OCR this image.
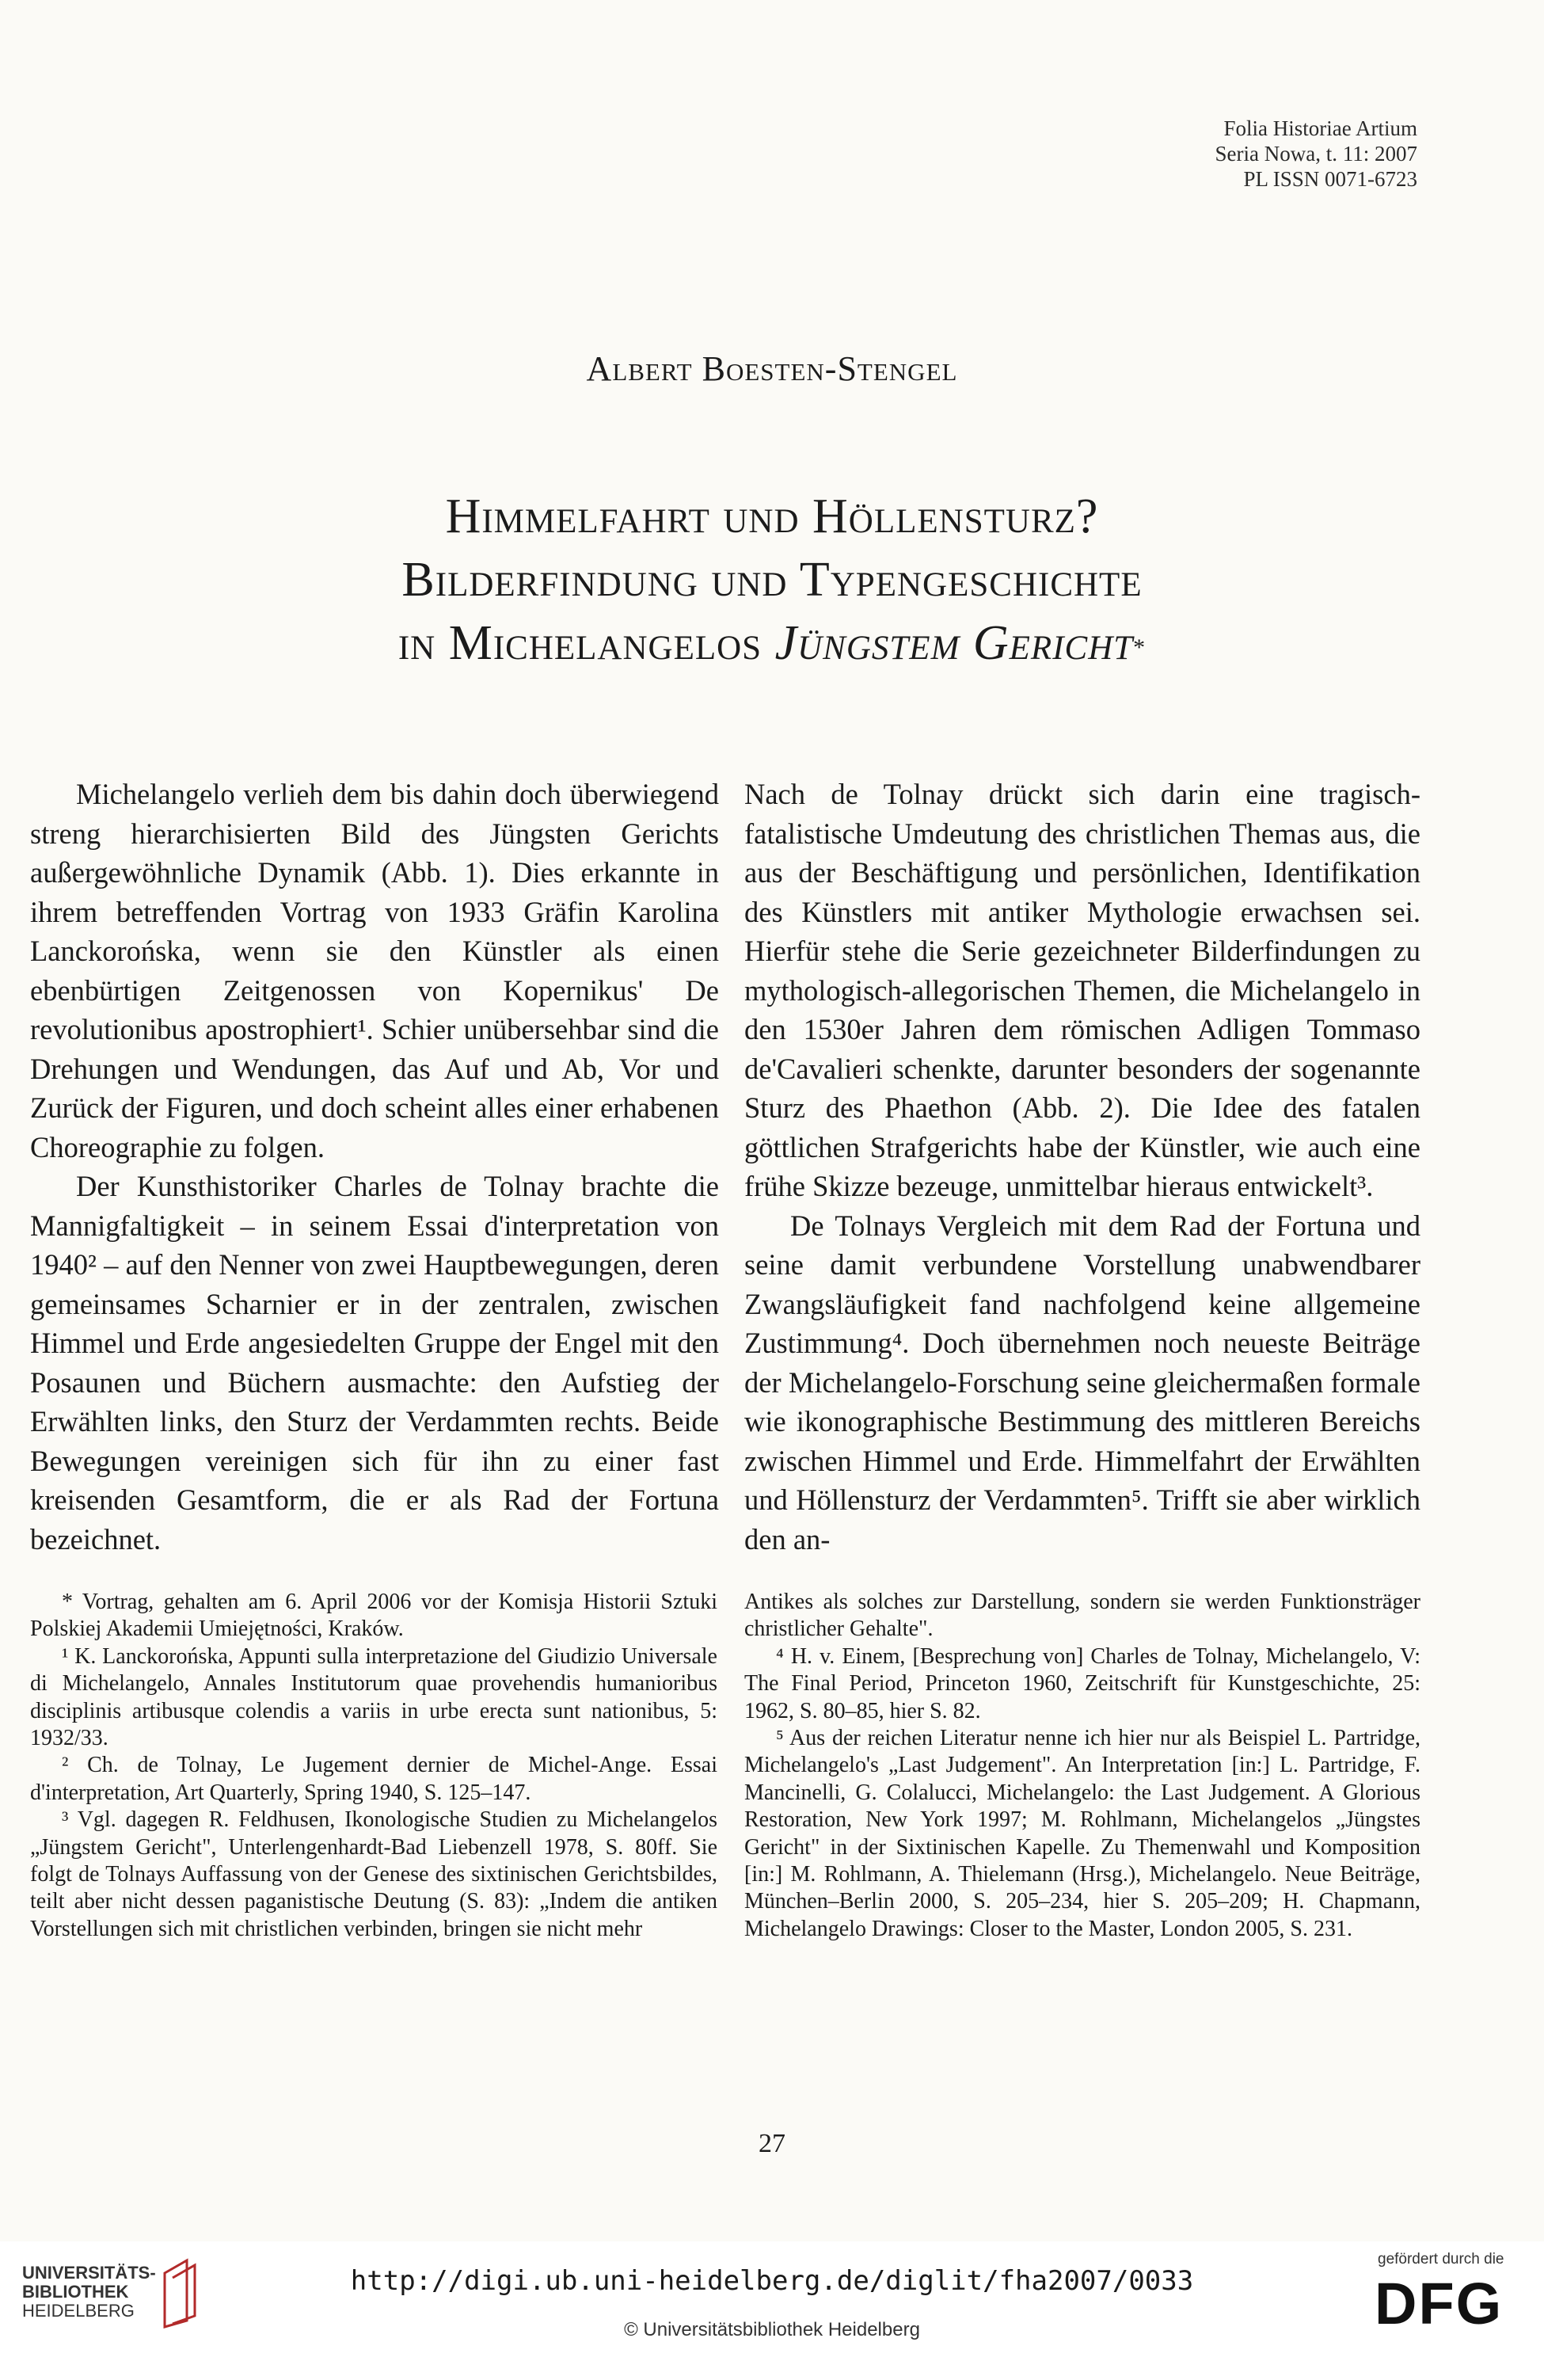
Folia Historiae Artium
Seria Nowa, t. 11: 2007
PL ISSN 0071-6723
Albert Boesten-Stengel
Himmelfahrt und Höllensturz?
Bilderfindung und Typengeschichte
in Michelangelos Jüngstem Gericht*

Michelangelo verlieh dem bis dahin doch überwiegend streng hierarchisierten Bild des Jüngsten Gerichts außergewöhnliche Dynamik (Abb. 1). Dies erkannte in ihrem betreffenden Vortrag von 1933 Gräfin Karolina Lanckorońska, wenn sie den Künstler als einen ebenbürtigen Zeitgenossen von Kopernikus' De revolutionibus apostrophiert¹. Schier unübersehbar sind die Drehungen und Wendungen, das Auf und Ab, Vor und Zurück der Figuren, und doch scheint alles einer erhabenen Choreographie zu folgen.

Der Kunsthistoriker Charles de Tolnay brachte die Mannigfaltigkeit – in seinem Essai d'interpretation von 1940² – auf den Nenner von zwei Hauptbewegungen, deren gemeinsames Scharnier er in der zentralen, zwischen Himmel und Erde angesiedelten Gruppe der Engel mit den Posaunen und Büchern ausmachte: den Aufstieg der Erwählten links, den Sturz der Verdammten rechts. Beide Bewegungen vereinigen sich für ihn zu einer fast kreisenden Gesamtform, die er als Rad der Fortuna bezeichnet.

Nach de Tolnay drückt sich darin eine tragisch-fatalistische Umdeutung des christlichen Themas aus, die aus der Beschäftigung und persönlichen, Identifikation des Künstlers mit antiker Mythologie erwachsen sei. Hierfür stehe die Serie gezeichneter Bilderfindungen zu mythologisch-allegorischen Themen, die Michelangelo in den 1530er Jahren dem römischen Adligen Tommaso de'Cavalieri schenkte, darunter besonders der sogenannte Sturz des Phaethon (Abb. 2). Die Idee des fatalen göttlichen Strafgerichts habe der Künstler, wie auch eine frühe Skizze bezeuge, unmittelbar hieraus entwickelt³.

De Tolnays Vergleich mit dem Rad der Fortuna und seine damit verbundene Vorstellung unabwendbarer Zwangsläufigkeit fand nachfolgend keine allgemeine Zustimmung⁴. Doch übernehmen noch neueste Beiträge der Michelangelo-Forschung seine gleichermaßen formale wie ikonographische Bestimmung des mittleren Bereichs zwischen Himmel und Erde. Himmelfahrt der Erwählten und Höllensturz der Verdammten⁵. Trifft sie aber wirklich den an-

* Vortrag, gehalten am 6. April 2006 vor der Komisja Historii Sztuki Polskiej Akademii Umiejętności, Kraków.

¹ K. Lanckorońska, Appunti sulla interpretazione del Giudizio Universale di Michelangelo, Annales Institutorum quae provehendis humanioribus disciplinis artibusque colendis a variis in urbe erecta sunt nationibus, 5: 1932/33.

² Ch. de Tolnay, Le Jugement dernier de Michel-Ange. Essai d'interpretation, Art Quarterly, Spring 1940, S. 125–147.

³ Vgl. dagegen R. Feldhusen, Ikonologische Studien zu Michelangelos „Jüngstem Gericht", Unterlengenhardt-Bad Liebenzell 1978, S. 80ff. Sie folgt de Tolnays Auffassung von der Genese des sixtinischen Gerichtsbildes, teilt aber nicht dessen paganistische Deutung (S. 83): „Indem die antiken Vorstellungen sich mit christlichen verbinden, bringen sie nicht mehr

Antikes als solches zur Darstellung, sondern sie werden Funktionsträger christlicher Gehalte".

⁴ H. v. Einem, [Besprechung von] Charles de Tolnay, Michelangelo, V: The Final Period, Princeton 1960, Zeitschrift für Kunstgeschichte, 25: 1962, S. 80–85, hier S. 82.

⁵ Aus der reichen Literatur nenne ich hier nur als Beispiel L. Partridge, Michelangelo's „Last Judgement". An Interpretation [in:] L. Partridge, F. Mancinelli, G. Colalucci, Michelangelo: the Last Judgement. A Glorious Restoration, New York 1997; M. Rohlmann, Michelangelos „Jüngstes Gericht" in der Sixtinischen Kapelle. Zu Themenwahl und Komposition [in:] M. Rohlmann, A. Thielemann (Hrsg.), Michelangelo. Neue Beiträge, München–Berlin 2000, S. 205–234, hier S. 205–209; H. Chapmann, Michelangelo Drawings: Closer to the Master, London 2005, S. 231.

27
UNIVERSITÄTS-
BIBLIOTHEK
HEIDELBERG
http://digi.ub.uni-heidelberg.de/diglit/fha2007/0033
© Universitätsbibliothek Heidelberg
gefördert durch die
DFG
